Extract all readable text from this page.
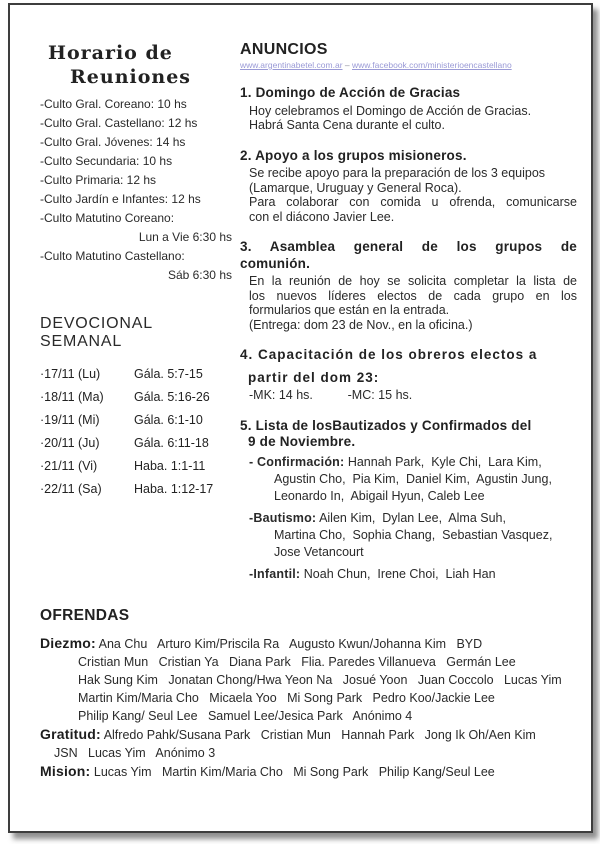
Horario de
Reuniones
-Culto Gral. Coreano: 10 hs
-Culto Gral. Castellano: 12 hs
-Culto Gral. Jóvenes: 14 hs
-Culto Secundaria: 10 hs
-Culto Primaria: 12 hs
-Culto Jardín e Infantes: 12 hs
-Culto Matutino Coreano:
Lun a Vie 6:30 hs
-Culto Matutino Castellano:
Sáb 6:30 hs
DEVOCIONAL SEMANAL
·17/11 (Lu)	Gála. 5:7-15
·18/11 (Ma)	Gála. 5:16-26
·19/11 (Mi)	Gála. 6:1-10
·20/11 (Ju)	Gála. 6:11-18
·21/11 (Vi)	Haba. 1:1-11
·22/11 (Sa)	Haba. 1:12-17
ANUNCIOS
www.argentinabetel.com.ar – www.facebook.com/ministerioencastellano
1. Domingo de Acción de Gracias
Hoy celebramos el Domingo de Acción de Gracias.
Habrá Santa Cena durante el culto.
2. Apoyo a los grupos misioneros.
Se recibe apoyo para la preparación de los 3 equipos
(Lamarque, Uruguay y General Roca).
Para colaborar con comida u ofrenda, comunicarse
con el diácono Javier Lee.
3. Asamblea general de los grupos de
comunión.
En la reunión de hoy se solicita completar la lista de
los nuevos líderes electos de cada grupo en los
formularios que están en la entrada.
(Entrega: dom 23 de Nov., en la oficina.)
4. Capacitación de los obreros electos a
partir del dom 23:
-MK: 14 hs.          -MC: 15 hs.
5. Lista de losBautizados y Confirmados del
9 de Noviembre.
- Confirmación: Hannah Park,  Kyle Chi,  Lara Kim,
Agustin Cho,  Pia Kim,  Daniel Kim,  Agustin Jung,
Leonardo In,  Abigail Hyun, Caleb Lee
-Bautismo: Ailen Kim,  Dylan Lee,  Alma Suh,
Martina Cho,  Sophia Chang,  Sebastian Vasquez,
Jose Vetancourt
-Infantil: Noah Chun,  Irene Choi,  Liah Han
OFRENDAS
Diezmo: Ana Chu   Arturo Kim/Priscila Ra   Augusto Kwun/Johanna Kim   BYD
Cristian Mun   Cristian Ya   Diana Park   Flia. Paredes Villanueva   Germán Lee
Hak Sung Kim   Jonatan Chong/Hwa Yeon Na   Josué Yoon   Juan Coccolo   Lucas Yim
Martin Kim/Maria Cho   Micaela Yoo   Mi Song Park   Pedro Koo/Jackie Lee
Philip Kang/ Seul Lee   Samuel Lee/Jesica Park   Anónimo 4
Gratitud: Alfredo Pahk/Susana Park   Cristian Mun   Hannah Park   Jong Ik Oh/Aen Kim
JSN   Lucas Yim   Anónimo 3
Mision: Lucas Yim   Martin Kim/Maria Cho   Mi Song Park   Philip Kang/Seul Lee
